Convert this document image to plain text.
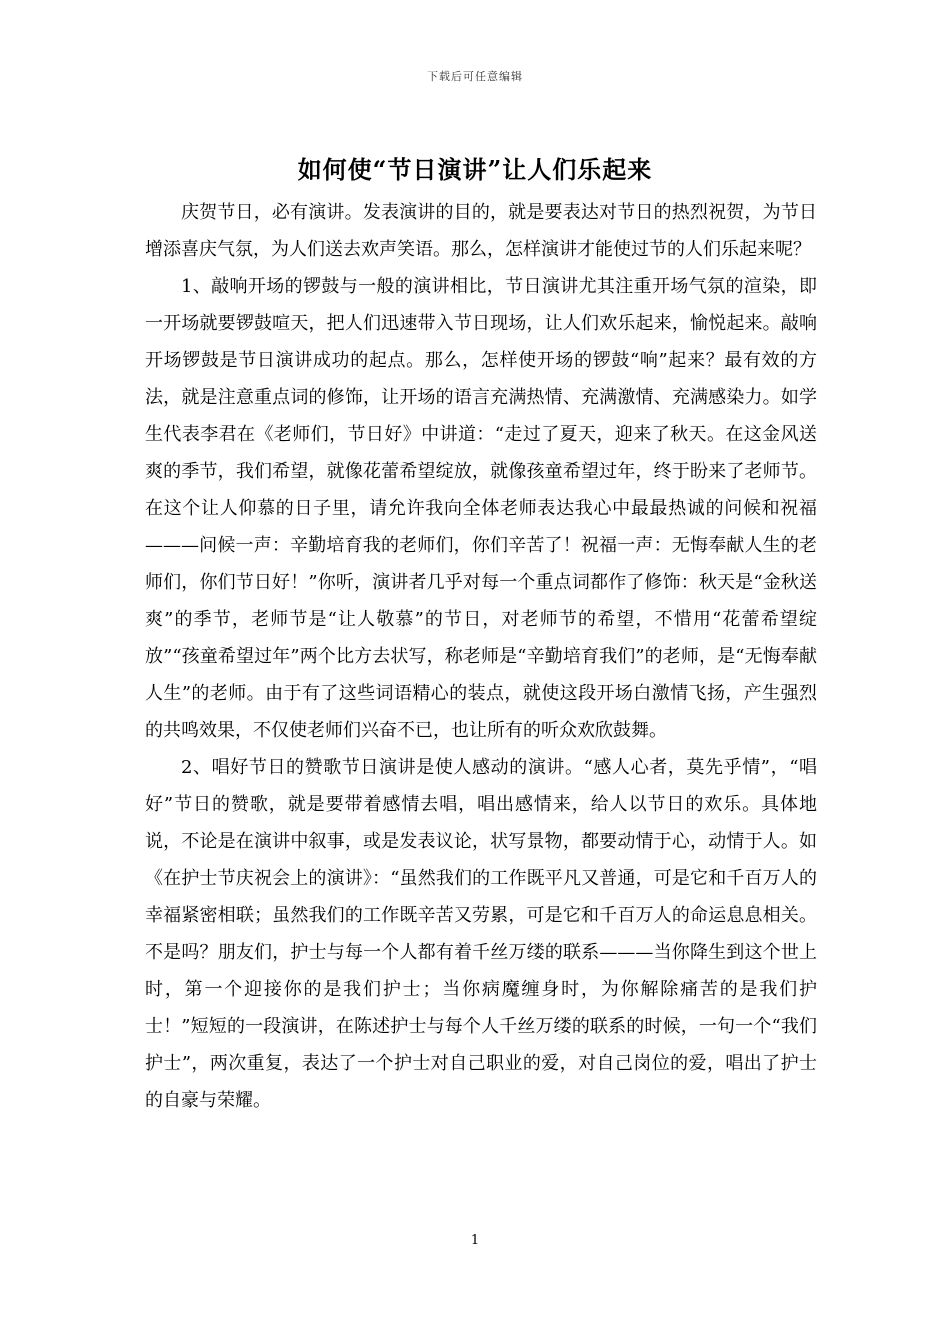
下载后可任意编辑
如何使“节日演讲”让人们乐起来

庆贺节日，必有演讲。发表演讲的目的，就是要表达对节日的热烈祝贺，为节日增添喜庆气氛，为人们送去欢声笑语。那么，怎样演讲才能使过节的人们乐起来呢？

1、敲响开场的锣鼓与一般的演讲相比，节日演讲尤其注重开场气氛的渲染，即一开场就要锣鼓喧天，把人们迅速带入节日现场，让人们欢乐起来，愉悦起来。敲响开场锣鼓是节日演讲成功的起点。那么，怎样使开场的锣鼓“响”起来？最有效的方法，就是注意重点词的修饰，让开场的语言充满热情、充满激情、充满感染力。如学生代表李君在《老师们，节日好》中讲道：“走过了夏天，迎来了秋天。在这金风送爽的季节，我们希望，就像花蕾希望绽放，就像孩童希望过年，终于盼来了老师节。在这个让人仰慕的日子里，请允许我向全体老师表达我心中最最热诚的问候和祝福———问候一声：辛勤培育我的老师们，你们辛苦了！祝福一声：无悔奉献人生的老师们，你们节日好！”你听，演讲者几乎对每一个重点词都作了修饰：秋天是“金秋送爽”的季节，老师节是“让人敬慕”的节日，对老师节的希望，不惜用“花蕾希望绽放”“孩童希望过年”两个比方去状写，称老师是“辛勤培育我们”的老师，是“无悔奉献人生”的老师。由于有了这些词语精心的装点，就使这段开场白激情飞扬，产生强烈的共鸣效果，不仅使老师们兴奋不已，也让所有的听众欢欣鼓舞。

2、唱好节日的赞歌节日演讲是使人感动的演讲。“感人心者，莫先乎情”，“唱好”节日的赞歌，就是要带着感情去唱，唱出感情来，给人以节日的欢乐。具体地说，不论是在演讲中叙事，或是发表议论，状写景物，都要动情于心，动情于人。如《在护士节庆祝会上的演讲》：“虽然我们的工作既平凡又普通，可是它和千百万人的幸福紧密相联；虽然我们的工作既辛苦又劳累，可是它和千百万人的命运息息相关。不是吗？朋友们，护士与每一个人都有着千丝万缕的联系———当你降生到这个世上时，第一个迎接你的是我们护士；当你病魔缠身时，为你解除痛苦的是我们护士！”短短的一段演讲，在陈述护士与每个人千丝万缕的联系的时候，一句一个“我们护士”，两次重复，表达了一个护士对自己职业的爱，对自己岗位的爱，唱出了护士的自豪与荣耀。

1
